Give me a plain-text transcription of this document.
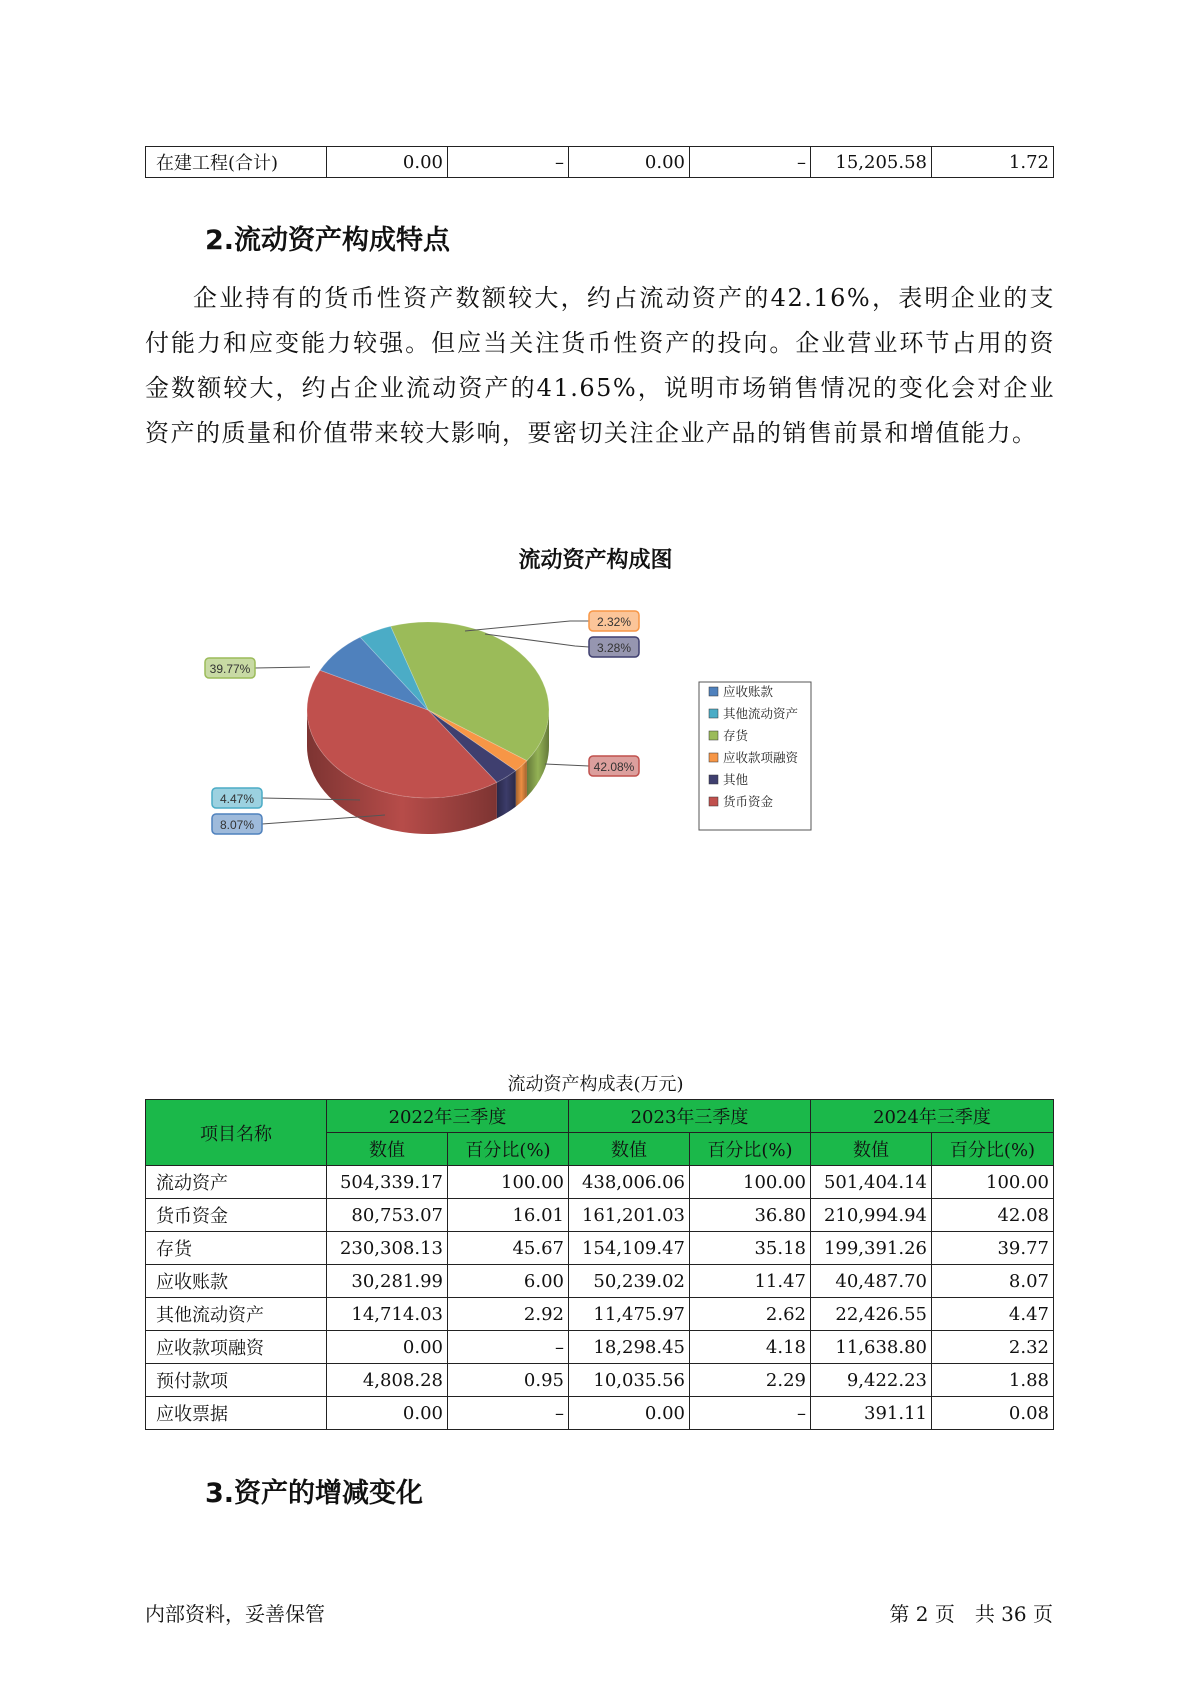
在建工程(合计)	0.00	–	0.00	–	15,205.58	1.72
2.流动资产构成特点

企业持有的货币性资产数额较大，约占流动资产的42.16%，表明企业的支付能力和应变能力较强。但应当关注货币性资产的投向。企业营业环节占用的资金数额较大，约占企业流动资产的41.65%，说明市场销售情况的变化会对企业资产的质量和价值带来较大影响，要密切关注企业产品的销售前景和增值能力。

流动资产构成图
8.07%
4.47%
39.77%
2.32%
3.28%
42.08%
应收账款
其他流动资产
存货
应收款项融资
其他
货币资金
流动资产构成表(万元)
项目名称	2022年三季度		2023年三季度		2024年三季度	
	数值	百分比(%)	数值	百分比(%)	数值	百分比(%)
流动资产	504,339.17	100.00	438,006.06	100.00	501,404.14	100.00
货币资金	80,753.07	16.01	161,201.03	36.80	210,994.94	42.08
存货	230,308.13	45.67	154,109.47	35.18	199,391.26	39.77
应收账款	30,281.99	6.00	50,239.02	11.47	40,487.70	8.07
其他流动资产	14,714.03	2.92	11,475.97	2.62	22,426.55	4.47
应收款项融资	0.00	–	18,298.45	4.18	11,638.80	2.32
预付款项	4,808.28	0.95	10,035.56	2.29	9,422.23	1.88
应收票据	0.00	–	0.00	–	391.11	0.08
3.资产的增减变化
内部资料，妥善保管	第 2 页　共 36 页
